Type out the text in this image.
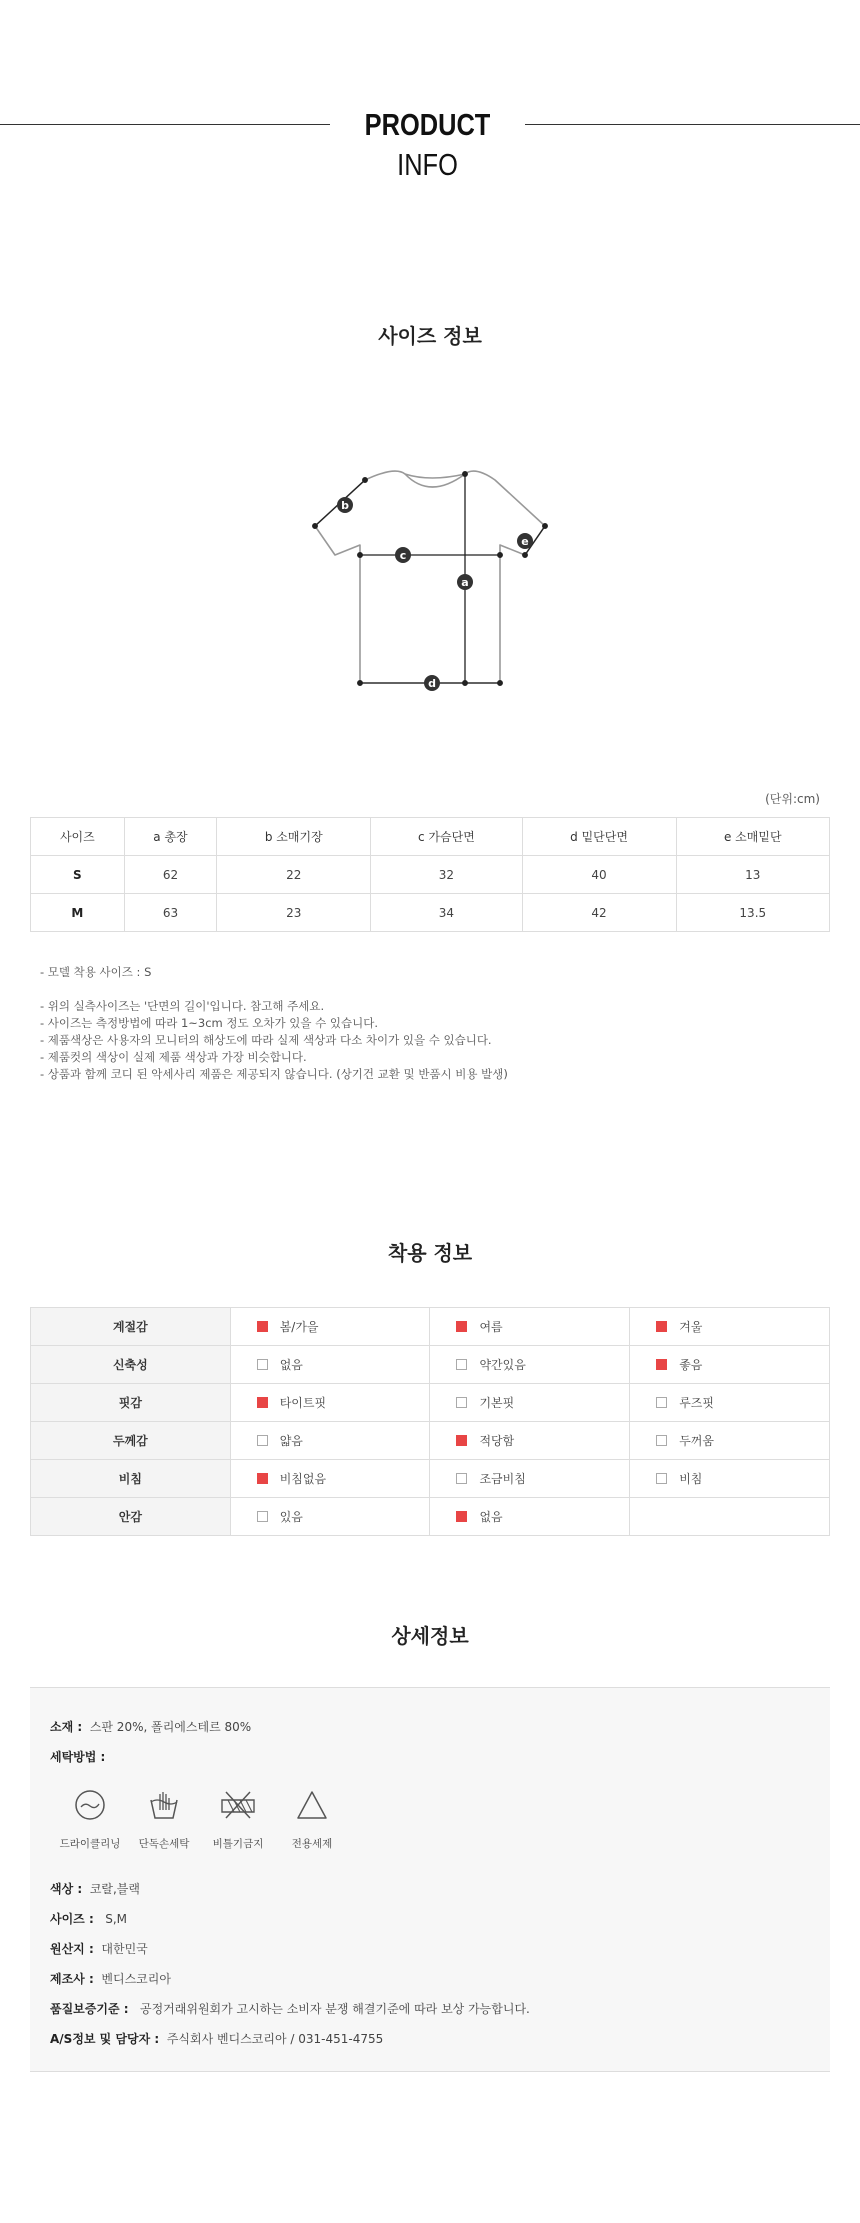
PRODUCT INFO
사이즈 정보
a
b
c
d
e
(단위:cm)
사이즈	a 총장	b 소매기장	c 가슴단면	d 밑단단면	e 소매밑단
S	62	22	32	40	13
M	63	23	34	42	13.5
- 모델 착용 사이즈 : S
- 위의 실측사이즈는 '단면의 길이'입니다. 참고해 주세요.
- 사이즈는 측정방법에 따라 1~3cm 정도 오차가 있을 수 있습니다.
- 제품색상은 사용자의 모니터의 해상도에 따라 실제 색상과 다소 차이가 있을 수 있습니다.
- 제품컷의 색상이 실제 제품 색상과 가장 비슷합니다.
- 상품과 함께 코디 된 악세사리 제품은 제공되지 않습니다. (상기건 교환 및 반품시 비용 발생)
착용 정보
계절감	봄/가을	여름	겨울
신축성	없음	약간있음	좋음
핏감	타이트핏	기본핏	루즈핏
두께감	얇음	적당함	두꺼움
비침	비침없음	조금비침	비침
안감	있음	없음	
상세정보
소재 : 스판 20%, 폴리에스테르 80%
세탁방법 :
드라이클리닝	단독손세탁	비틀기금지	전용세제
색상 : 코랄,블랙
사이즈 : S,M
원산지 : 대한민국
제조사 : 벤디스코리아
품질보증기준 : 공정거래위원회가 고시하는 소비자 분쟁 해결기준에 따라 보상 가능합니다.
A/S정보 및 담당자 : 주식회사 벤디스코리아 / 031-451-4755
